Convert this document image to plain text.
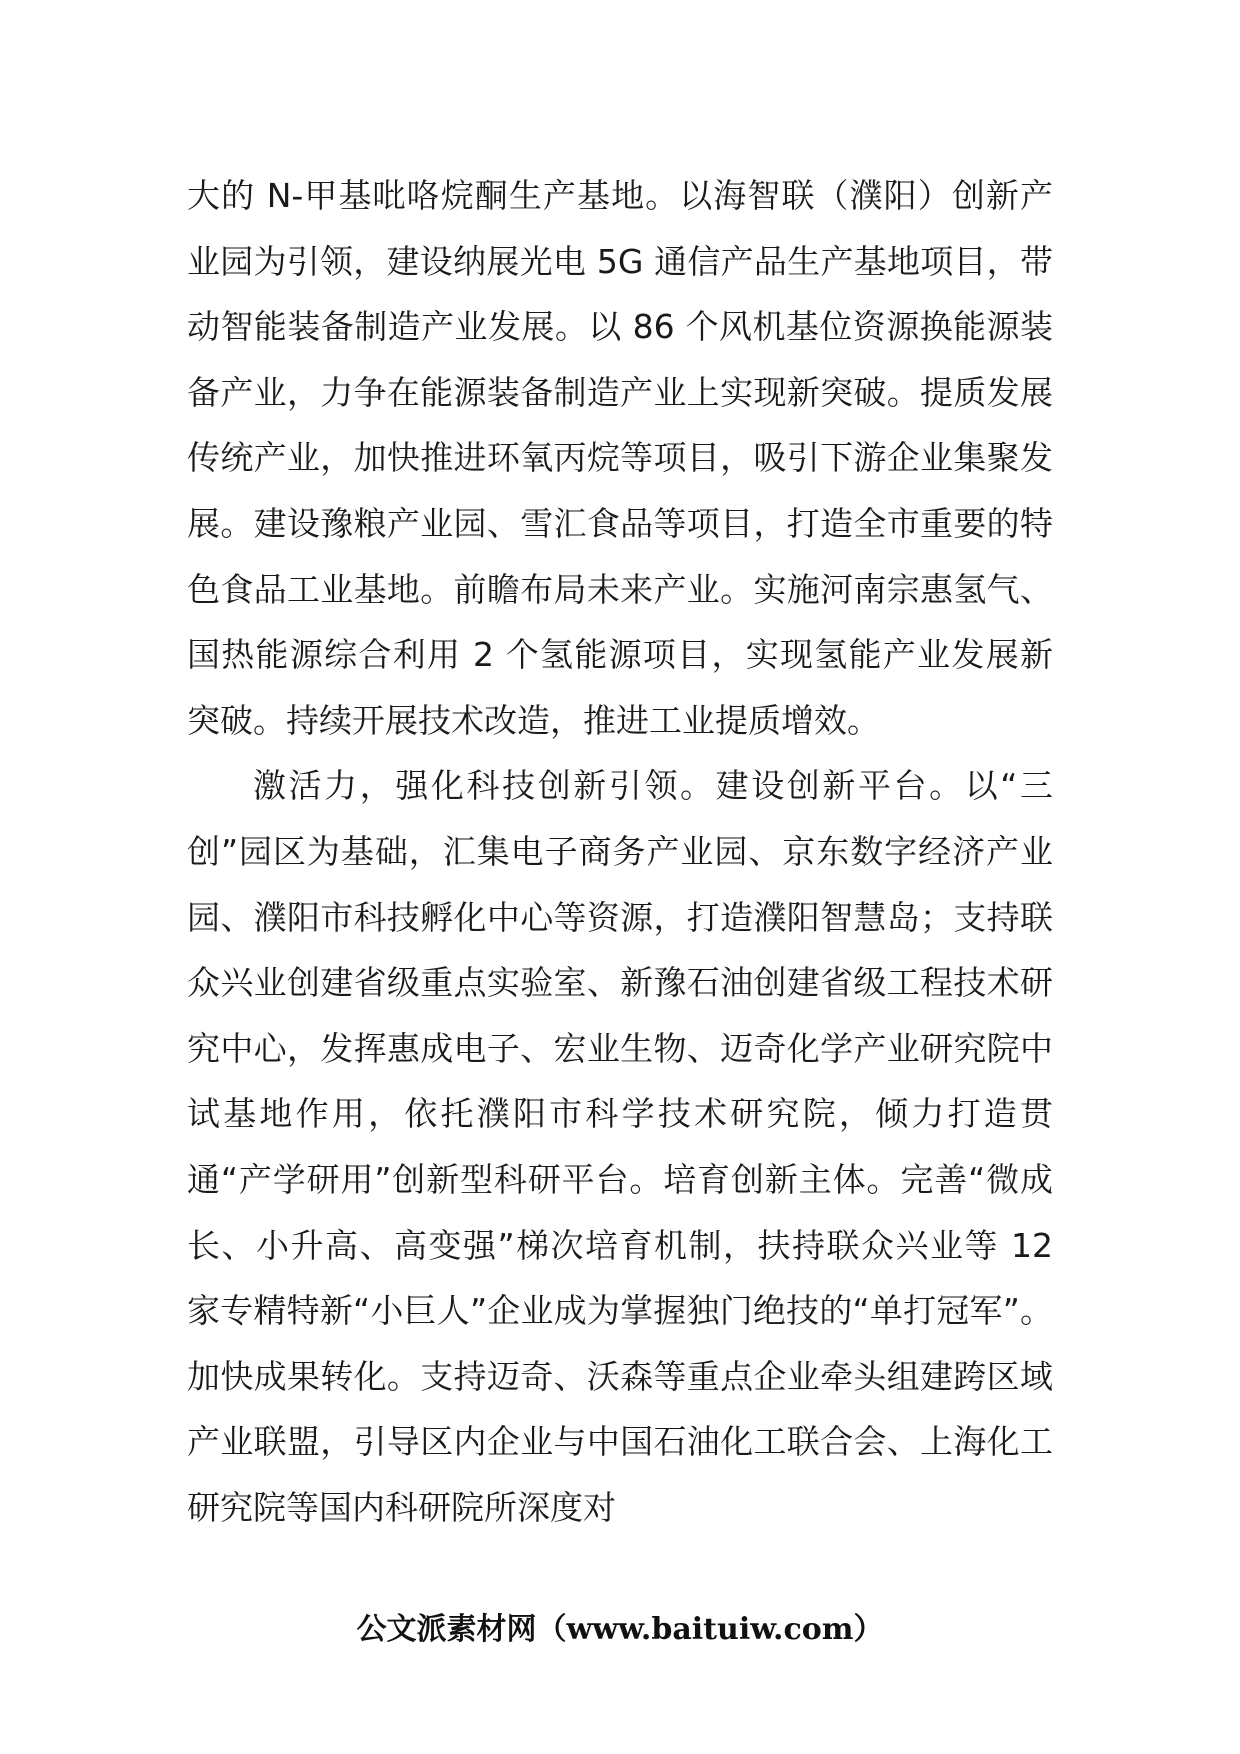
大的 N-甲基吡咯烷酮生产基地。以海智联（濮阳）创新产业园为引领，建设纳展光电 5G 通信产品生产基地项目，带动智能装备制造产业发展。以 86 个风机基位资源换能源装备产业，力争在能源装备制造产业上实现新突破。提质发展传统产业，加快推进环氧丙烷等项目，吸引下游企业集聚发展。建设豫粮产业园、雪汇食品等项目，打造全市重要的特色食品工业基地。前瞻布局未来产业。实施河南宗惠氢气、国热能源综合利用 2 个氢能源项目，实现氢能产业发展新突破。持续开展技术改造，推进工业提质增效。

激活力，强化科技创新引领。建设创新平台。以“三创”园区为基础，汇集电子商务产业园、京东数字经济产业园、濮阳市科技孵化中心等资源，打造濮阳智慧岛；支持联众兴业创建省级重点实验室、新豫石油创建省级工程技术研究中心，发挥惠成电子、宏业生物、迈奇化学产业研究院中试基地作用，依托濮阳市科学技术研究院，倾力打造贯通“产学研用”创新型科研平台。培育创新主体。完善“微成长、小升高、高变强”梯次培育机制，扶持联众兴业等 12 家专精特新“小巨人”企业成为掌握独门绝技的“单打冠军”。加快成果转化。支持迈奇、沃森等重点企业牵头组建跨区域产业联盟，引导区内企业与中国石油化工联合会、上海化工研究院等国内科研院所深度对

公文派素材网（www.baituiw.com）
